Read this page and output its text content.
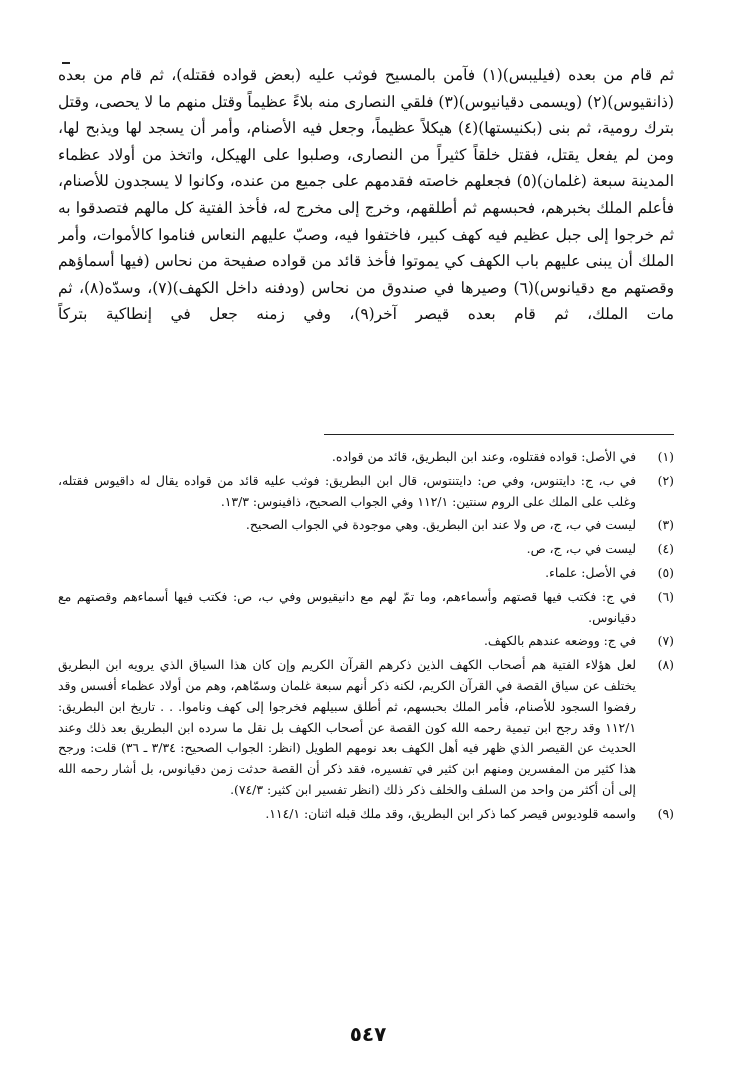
ثم قام من بعده (فيليبس)(١) فآمن بالمسيح فوثب عليه (بعض قواده فقتله)، ثم قام من بعده (ذانقيوس)(٢) (ويسمى دقيانيوس)(٣) فلقي النصارى منه بلاءً عظيماً وقتل منهم ما لا يحصى، وقتل بترك رومية، ثم بنى (بكنيستها)(٤) هيكلاً عظيماً، وجعل فيه الأصنام، وأمر أن يسجد لها ويذبح لها، ومن لم يفعل يقتل، فقتل خلقاً كثيراً من النصارى، وصلبوا على الهيكل، واتخذ من أولاد عظماء المدينة سبعة (غلمان)(٥) فجعلهم خاصته فقدمهم على جميع من عنده، وكانوا لا يسجدون للأصنام، فأعلم الملك بخبرهم، فحبسهم ثم أطلقهم، وخرج إلى مخرج له، فأخذ الفتية كل مالهم فتصدقوا به ثم خرجوا إلى جبل عظيم فيه كهف كبير، فاختفوا فيه، وصبّ عليهم النعاس فناموا كالأموات، وأمر الملك أن يبنى عليهم باب الكهف كي يموتوا فأخذ قائد من قواده صفيحة من نحاس (فيها أسماؤهم وقصتهم مع دقيانوس)(٦) وصيرها في صندوق من نحاس (ودفنه داخل الكهف)(٧)، وسدّه(٨)، ثم مات الملك، ثم قام بعده قيصر آخر(٩)، وفي زمنه جعل في إنطاكية بتركاً

(١)
في الأصل: قواده فقتلوه، وعند ابن البطريق، قائد من قواده.
(٢)
في ب، ج: دايتنوس، وفي ص: دايتنتوس، قال ابن البطريق: فوثب عليه قائد من قواده يقال له داقيوس فقتله، وغلب على الملك على الروم سنتين: ١١٢/١ وفي الجواب الصحيح، ذافينوس: ١٣/٣.
(٣)
ليست في ب، ج، ص ولا عند ابن البطريق. وهي موجودة في الجواب الصحيح.
(٤)
ليست في ب، ج، ص.
(٥)
في الأصل: علماء.
(٦)
في ج: فكتب فيها قصتهم وأسماءهم، وما تمّ لهم مع دانيقيوس وفي ب، ص: فكتب فيها أسماءهم وقصتهم مع دقيانوس.
(٧)
في ج: ووضعه عندهم بالكهف.
(٨)
لعل هؤلاء الفتية هم أصحاب الكهف الذين ذكرهم القرآن الكريم وإن كان هذا السياق الذي يرويه ابن البطريق يختلف عن سياق القصة في القرآن الكريم، لكنه ذكر أنهم سبعة غلمان وسمّاهم، وهم من أولاد عظماء أفسس وقد رفضوا السجود للأصنام، فأمر الملك بحبسهم، ثم أطلق سبيلهم فخرجوا إلى كهف وناموا. . . تاريخ ابن البطريق: ١١٢/١ وقد رجح ابن تيمية رحمه الله كون القصة عن أصحاب الكهف بل نقل ما سرده ابن البطريق بعد ذلك وعند الحديث عن القيصر الذي ظهر فيه أهل الكهف بعد نومهم الطويل (انظر: الجواب الصحيح: ٣/٣٤ ـ ٣٦) قلت: ورجح هذا كثير من المفسرين ومنهم ابن كثير في تفسيره، فقد ذكر أن القصة حدثت زمن دقيانوس، بل أشار رحمه الله إلى أن أكثر من واحد من السلف والخلف ذكر ذلك (انظر تفسير ابن كثير: ٧٤/٣).
(٩)
واسمه قلوديوس قيصر كما ذكر ابن البطريق، وقد ملك قبله اثنان: ١١٤/١.
٥٤٧
